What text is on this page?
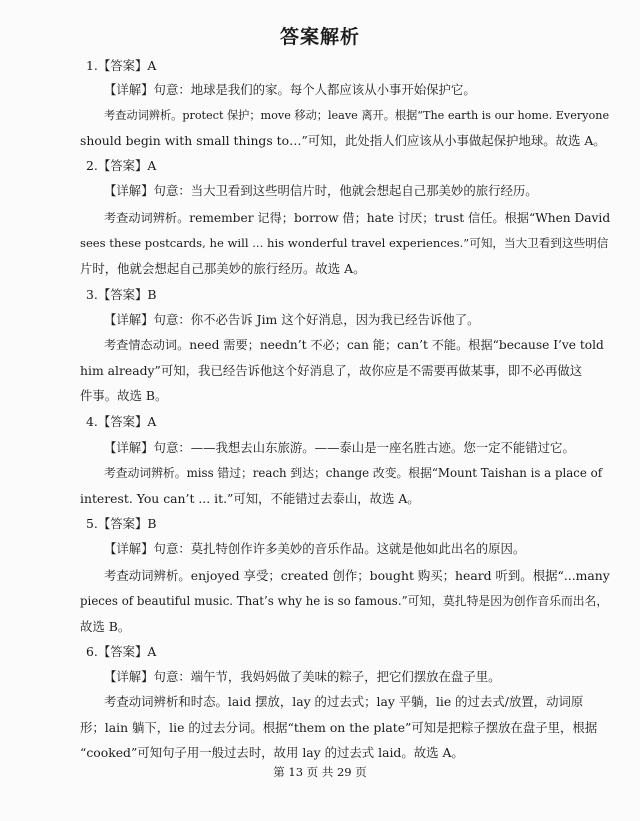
答案解析
1.【答案】A
【详解】句意：地球是我们的家。每个人都应该从小事开始保护它。
考查动词辨析。protect 保护；move 移动；leave 离开。根据“The earth is our home. Everyone
should begin with small things to…”可知，此处指人们应该从小事做起保护地球。故选 A。
2.【答案】A
【详解】句意：当大卫看到这些明信片时，他就会想起自己那美妙的旅行经历。
考查动词辨析。remember 记得；borrow 借；hate 讨厌；trust 信任。根据“When David
sees these postcards, he will ... his wonderful travel experiences.”可知，当大卫看到这些明信
片时，他就会想起自己那美妙的旅行经历。故选 A。
3.【答案】B
【详解】句意：你不必告诉 Jim 这个好消息，因为我已经告诉他了。
考查情态动词。need 需要；needn’t 不必；can 能；can’t 不能。根据“because I’ve told
him already”可知，我已经告诉他这个好消息了，故你应是不需要再做某事，即不必再做这
件事。故选 B。
4.【答案】A
【详解】句意：——我想去山东旅游。——泰山是一座名胜古迹。您一定不能错过它。
考查动词辨析。miss 错过；reach 到达；change 改变。根据“Mount Taishan is a place of
interest. You can’t ... it.”可知，不能错过去泰山，故选 A。
5.【答案】B
【详解】句意：莫扎特创作许多美妙的音乐作品。这就是他如此出名的原因。
考查动词辨析。enjoyed 享受；created 创作；bought 购买；heard 听到。根据“...many
pieces of beautiful music. That’s why he is so famous.”可知，莫扎特是因为创作音乐而出名，
故选 B。
6.【答案】A
【详解】句意：端午节，我妈妈做了美味的粽子，把它们摆放在盘子里。
考查动词辨析和时态。laid 摆放，lay 的过去式；lay 平躺，lie 的过去式/放置，动词原
形；lain 躺下，lie 的过去分词。根据“them on the plate”可知是把粽子摆放在盘子里，根据
“cooked”可知句子用一般过去时，故用 lay 的过去式 laid。故选 A。
第 13 页 共 29 页
